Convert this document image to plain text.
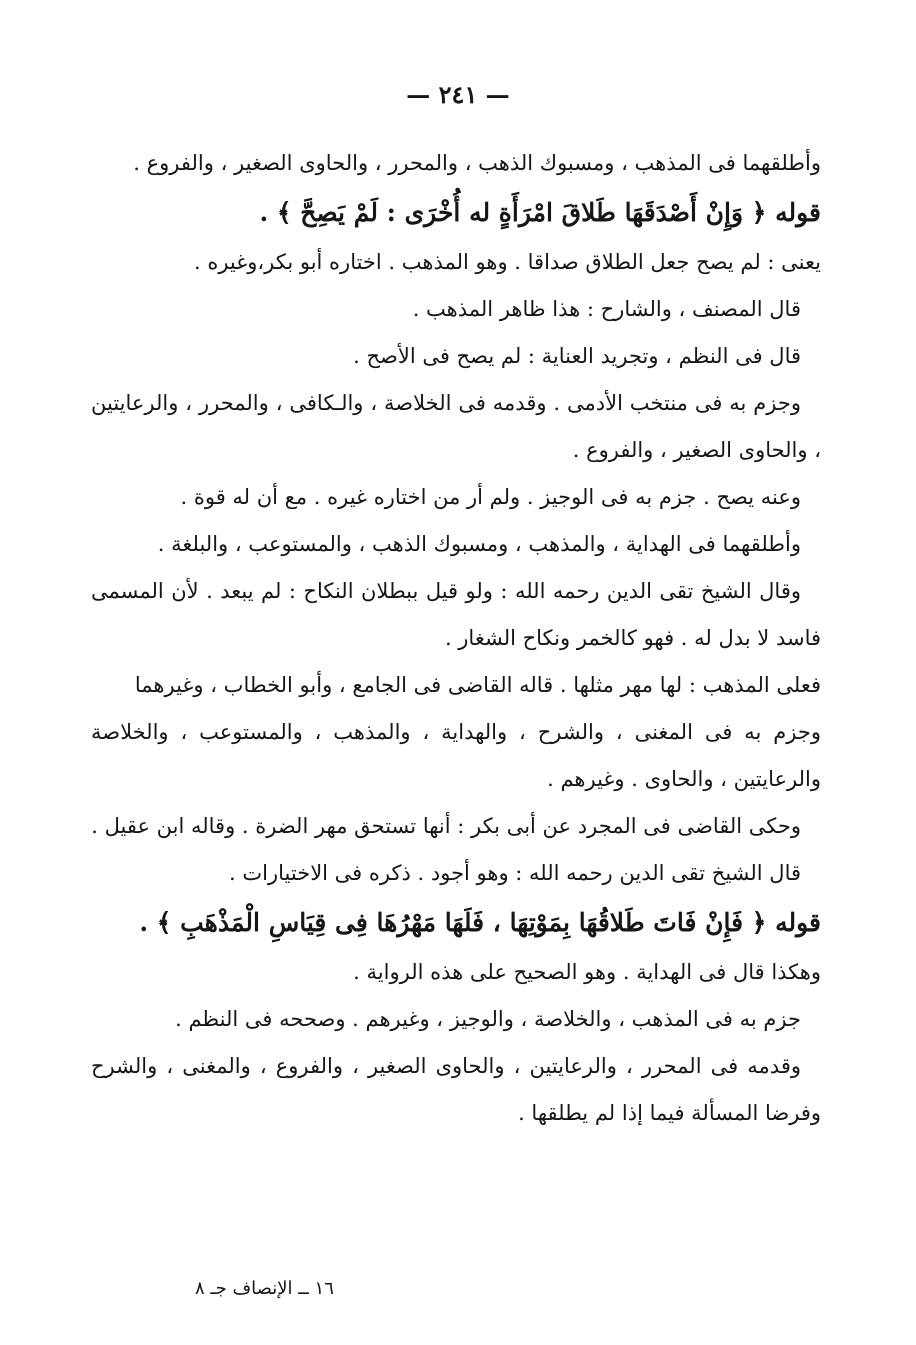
— ٢٤١ —

وأطلقهما فى المذهب ، ومسبوك الذهب ، والمحرر ، والحاوى الصغير ، والفروع .

قوله ﴿ وَإِنْ أَصْدَقَهَا طَلاقَ امْرَأَةٍ له أُخْرَى : لَمْ يَصِحَّ ﴾ .

يعنى : لم يصح جعل الطلاق صداقا . وهو المذهب . اختاره أبو بكر،وغيره .

قال المصنف ، والشارح : هذا ظاهر المذهب .

قال فى النظم ، وتجريد العناية : لم يصح فى الأصح .

وجزم به فى منتخب الأدمى . وقدمه فى الخلاصة ، والـكافى ، والمحرر ، والرعايتين ، والحاوى الصغير ، والفروع .

وعنه يصح . جزم به فى الوجيز . ولم أر من اختاره غيره . مع أن له قوة .

وأطلقهما فى الهداية ، والمذهب ، ومسبوك الذهب ، والمستوعب ، والبلغة .

وقال الشيخ تقى الدين رحمه الله : ولو قيل ببطلان النكاح : لم يبعد . لأن المسمى فاسد لا بدل له . فهو كالخمر ونكاح الشغار .

فعلى المذهب : لها مهر مثلها . قاله القاضى فى الجامع ، وأبو الخطاب ، وغيرهما

وجزم به فى المغنى ، والشرح ، والهداية ، والمذهب ، والمستوعب ، والخلاصة والرعايتين ، والحاوى . وغيرهم .

وحكى القاضى فى المجرد عن أبى بكر : أنها تستحق مهر الضرة . وقاله ابن عقيل .

قال الشيخ تقى الدين رحمه الله : وهو أجود . ذكره فى الاختيارات .

قوله ﴿ فَإِنْ فَاتَ طَلاقُهَا بِمَوْتِهَا ، فَلَهَا مَهْرُهَا فِى قِيَاسِ الْمَذْهَبِ ﴾ .

وهكذا قال فى الهداية . وهو الصحيح على هذه الرواية .

جزم به فى المذهب ، والخلاصة ، والوجيز ، وغيرهم . وصححه فى النظم .

وقدمه فى المحرر ، والرعايتين ، والحاوى الصغير ، والفروع ، والمغنى ، والشرح وفرضا المسألة فيما إذا لم يطلقها .

١٦ ــ الإنصاف جـ ٨
